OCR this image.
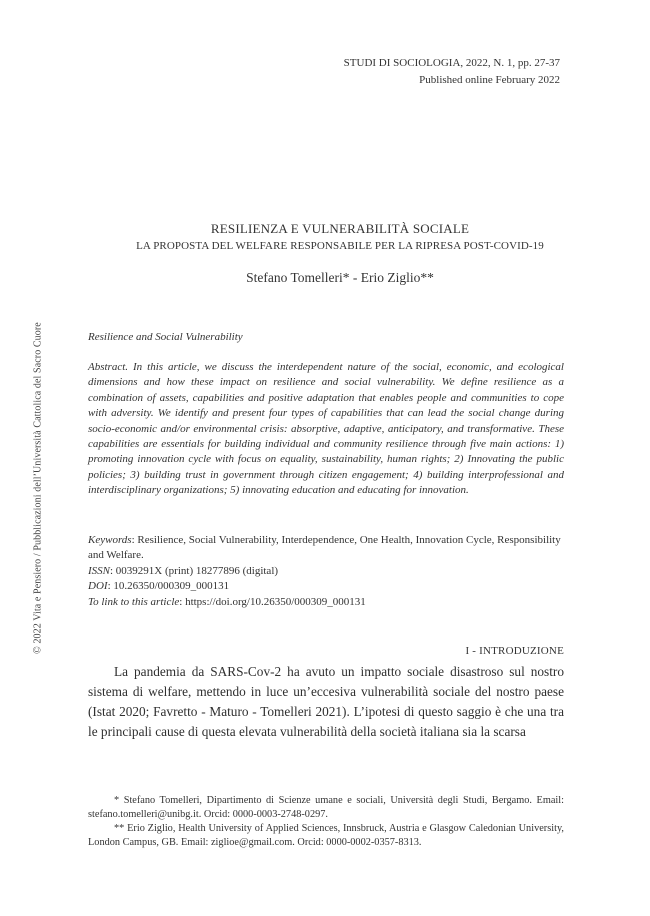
STUDI DI SOCIOLOGIA, 2022, N. 1, pp. 27-37
Published online February 2022
RESILIENZA E VULNERABILITÀ SOCIALE
LA PROPOSTA DEL WELFARE RESPONSABILE PER LA RIPRESA POST-COVID-19
Stefano Tomelleri* - Erio Ziglio**
Resilience and Social Vulnerability
Abstract. In this article, we discuss the interdependent nature of the social, economic, and ecological dimensions and how these impact on resilience and social vulnerability. We define resilience as a combination of assets, capabilities and positive adaptation that enables people and communities to cope with adversity. We identify and present four types of capabilities that can lead the social change during socio-economic and/or environmental crisis: absorptive, adaptive, anticipatory, and transformative. These capabilities are essentials for building individual and community resilience through five main actions: 1) promoting innovation cycle with focus on equality, sustainability, human rights; 2) Innovating the public policies; 3) building trust in government through citizen engagement; 4) building interprofessional and interdisciplinary organizations; 5) innovating education and educating for innovation.

Keywords: Resilience, Social Vulnerability, Interdependence, One Health, Innovation Cycle, Responsibility and Welfare.

ISSN: 0039291X (print) 18277896 (digital)

DOI: 10.26350/000309_000131

To link to this article: https://doi.org/10.26350/000309_000131

I - INTRODUZIONE

La pandemia da SARS-Cov-2 ha avuto un impatto sociale disastroso sul nostro sistema di welfare, mettendo in luce un’eccesiva vulnerabilità sociale del nostro paese (Istat 2020; Favretto - Maturo - Tomelleri 2021). L’ipotesi di questo saggio è che una tra le principali cause di questa elevata vulnerabilità della società italiana sia la scarsa

* Stefano Tomelleri, Dipartimento di Scienze umane e sociali, Università degli Studi, Bergamo. Email: stefano.tomelleri@unibg.it. Orcid: 0000-0003-2748-0297.

** Erio Ziglio, Health University of Applied Sciences, Innsbruck, Austria e Glasgow Caledonian University, London Campus, GB. Email: ziglioe@gmail.com. Orcid: 0000-0002-0357-8313.

© 2022 Vita e Pensiero / Pubblicazioni dell’Università Cattolica del Sacro Cuore
